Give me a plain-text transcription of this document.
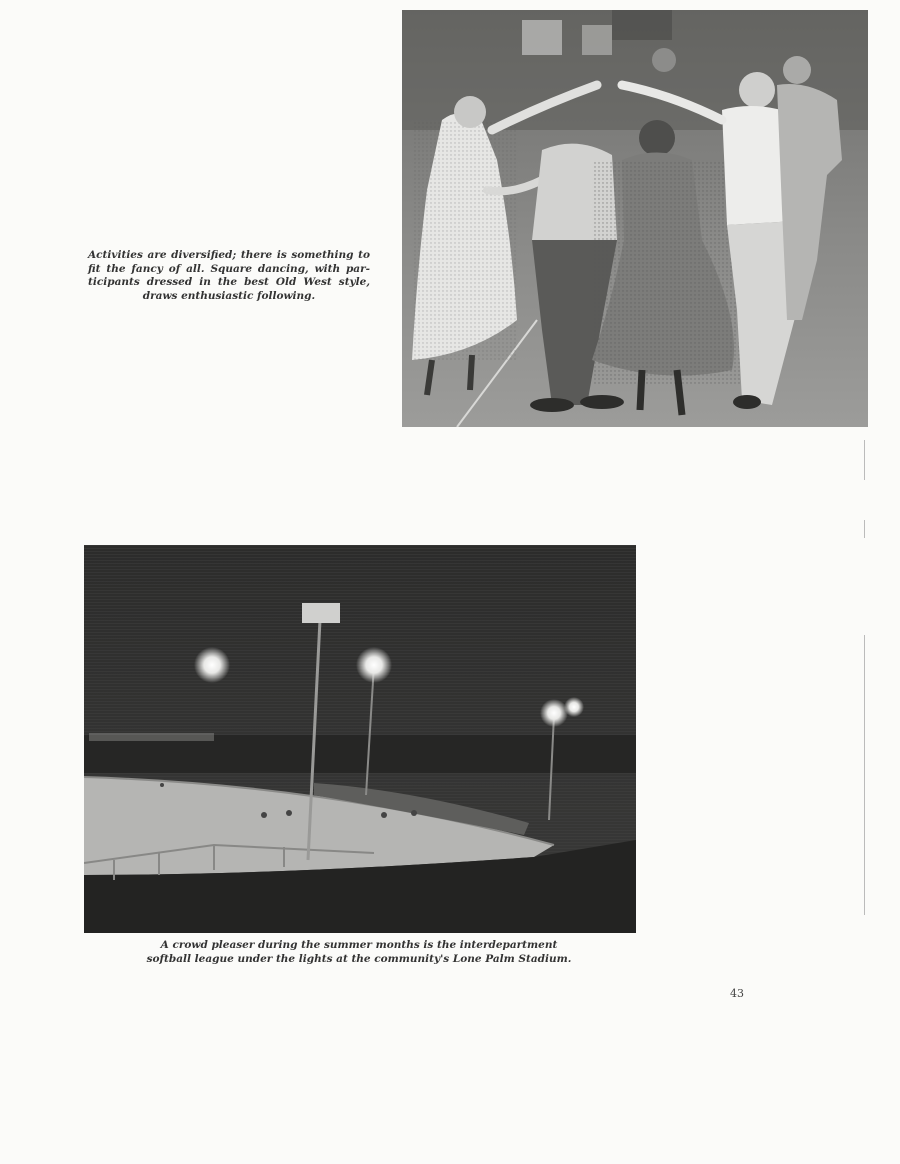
Activities are diversified; there is something to
fit the fancy of all. Square dancing, with par-
ticipants dressed in the best Old West style,
draws enthusiastic following.
A crowd pleaser during the summer months is the interdepartment
softball league under the lights at the community's Lone Palm Stadium.
43
